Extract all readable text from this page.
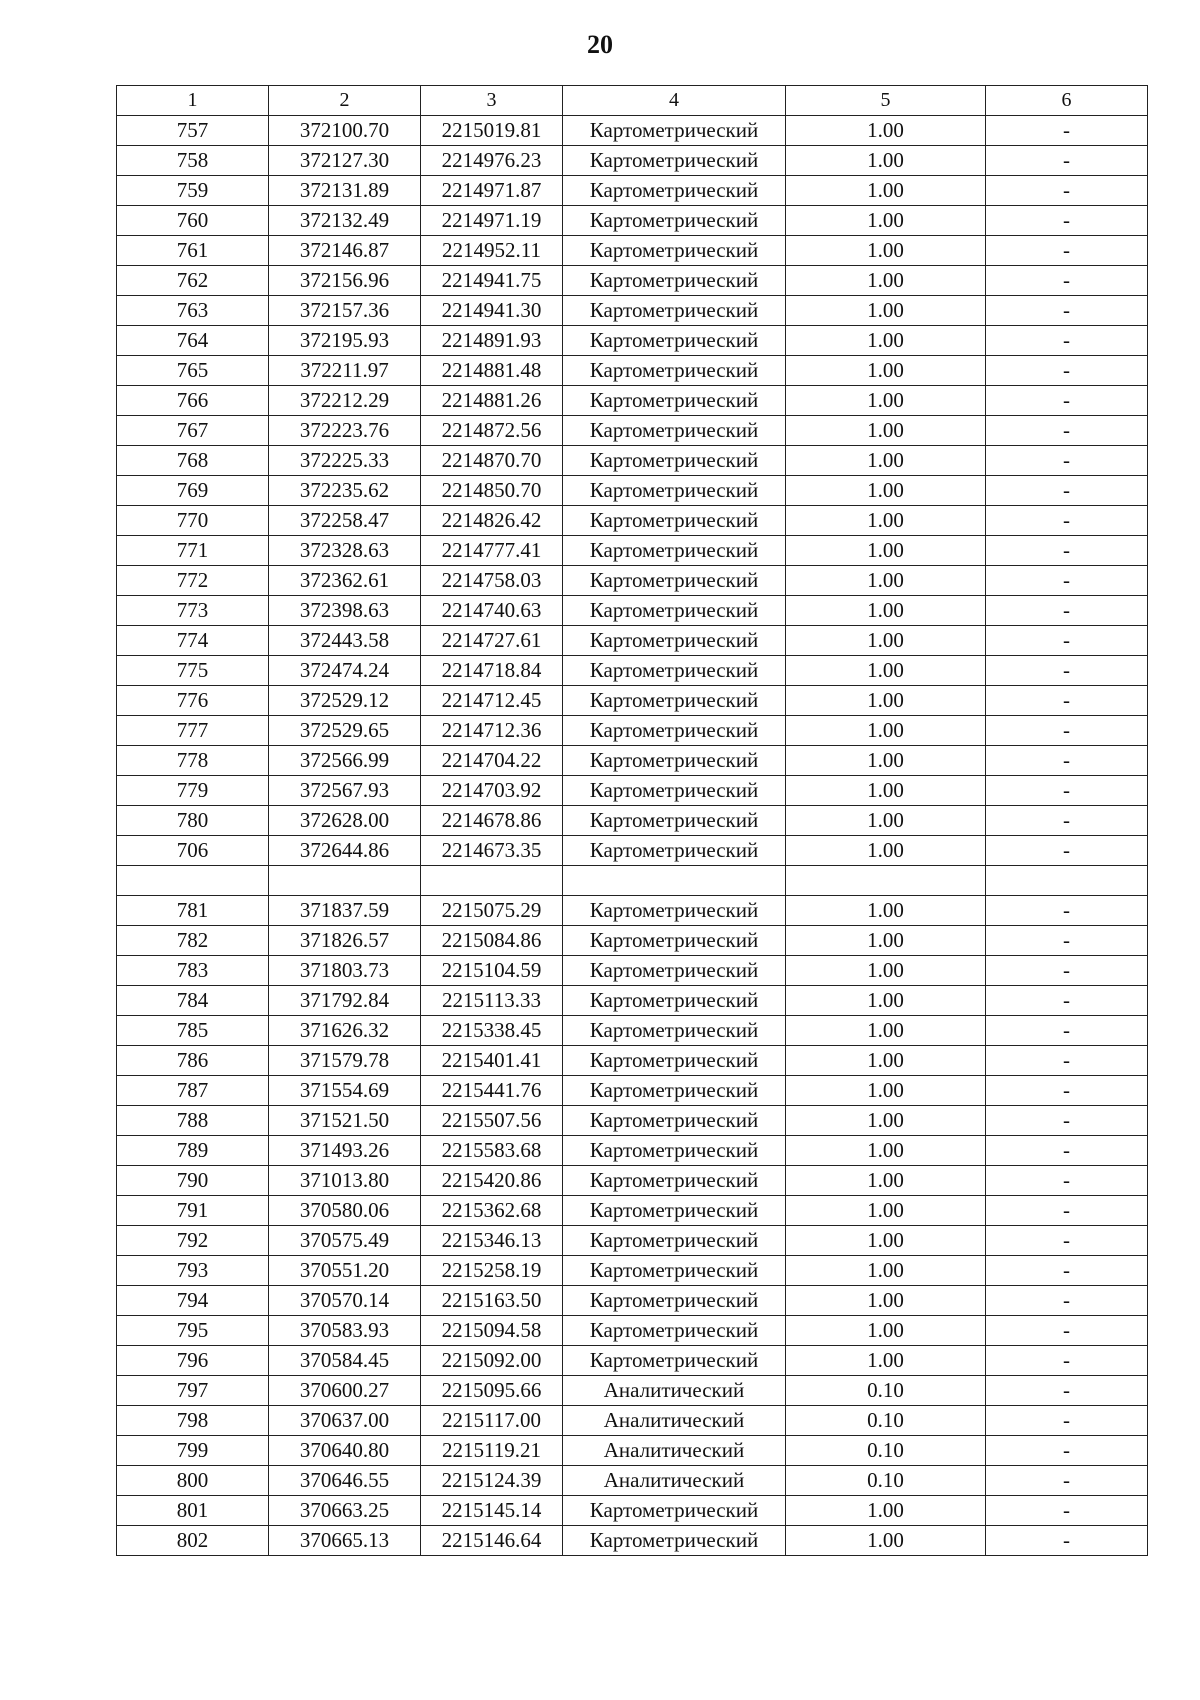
20
1	2	3	4	5	6
757	372100.70	2215019.81	Картометрический	1.00	-
758	372127.30	2214976.23	Картометрический	1.00	-
759	372131.89	2214971.87	Картометрический	1.00	-
760	372132.49	2214971.19	Картометрический	1.00	-
761	372146.87	2214952.11	Картометрический	1.00	-
762	372156.96	2214941.75	Картометрический	1.00	-
763	372157.36	2214941.30	Картометрический	1.00	-
764	372195.93	2214891.93	Картометрический	1.00	-
765	372211.97	2214881.48	Картометрический	1.00	-
766	372212.29	2214881.26	Картометрический	1.00	-
767	372223.76	2214872.56	Картометрический	1.00	-
768	372225.33	2214870.70	Картометрический	1.00	-
769	372235.62	2214850.70	Картометрический	1.00	-
770	372258.47	2214826.42	Картометрический	1.00	-
771	372328.63	2214777.41	Картометрический	1.00	-
772	372362.61	2214758.03	Картометрический	1.00	-
773	372398.63	2214740.63	Картометрический	1.00	-
774	372443.58	2214727.61	Картометрический	1.00	-
775	372474.24	2214718.84	Картометрический	1.00	-
776	372529.12	2214712.45	Картометрический	1.00	-
777	372529.65	2214712.36	Картометрический	1.00	-
778	372566.99	2214704.22	Картометрический	1.00	-
779	372567.93	2214703.92	Картометрический	1.00	-
780	372628.00	2214678.86	Картометрический	1.00	-
706	372644.86	2214673.35	Картометрический	1.00	-

781	371837.59	2215075.29	Картометрический	1.00	-
782	371826.57	2215084.86	Картометрический	1.00	-
783	371803.73	2215104.59	Картометрический	1.00	-
784	371792.84	2215113.33	Картометрический	1.00	-
785	371626.32	2215338.45	Картометрический	1.00	-
786	371579.78	2215401.41	Картометрический	1.00	-
787	371554.69	2215441.76	Картометрический	1.00	-
788	371521.50	2215507.56	Картометрический	1.00	-
789	371493.26	2215583.68	Картометрический	1.00	-
790	371013.80	2215420.86	Картометрический	1.00	-
791	370580.06	2215362.68	Картометрический	1.00	-
792	370575.49	2215346.13	Картометрический	1.00	-
793	370551.20	2215258.19	Картометрический	1.00	-
794	370570.14	2215163.50	Картометрический	1.00	-
795	370583.93	2215094.58	Картометрический	1.00	-
796	370584.45	2215092.00	Картометрический	1.00	-
797	370600.27	2215095.66	Аналитический	0.10	-
798	370637.00	2215117.00	Аналитический	0.10	-
799	370640.80	2215119.21	Аналитический	0.10	-
800	370646.55	2215124.39	Аналитический	0.10	-
801	370663.25	2215145.14	Картометрический	1.00	-
802	370665.13	2215146.64	Картометрический	1.00	-
